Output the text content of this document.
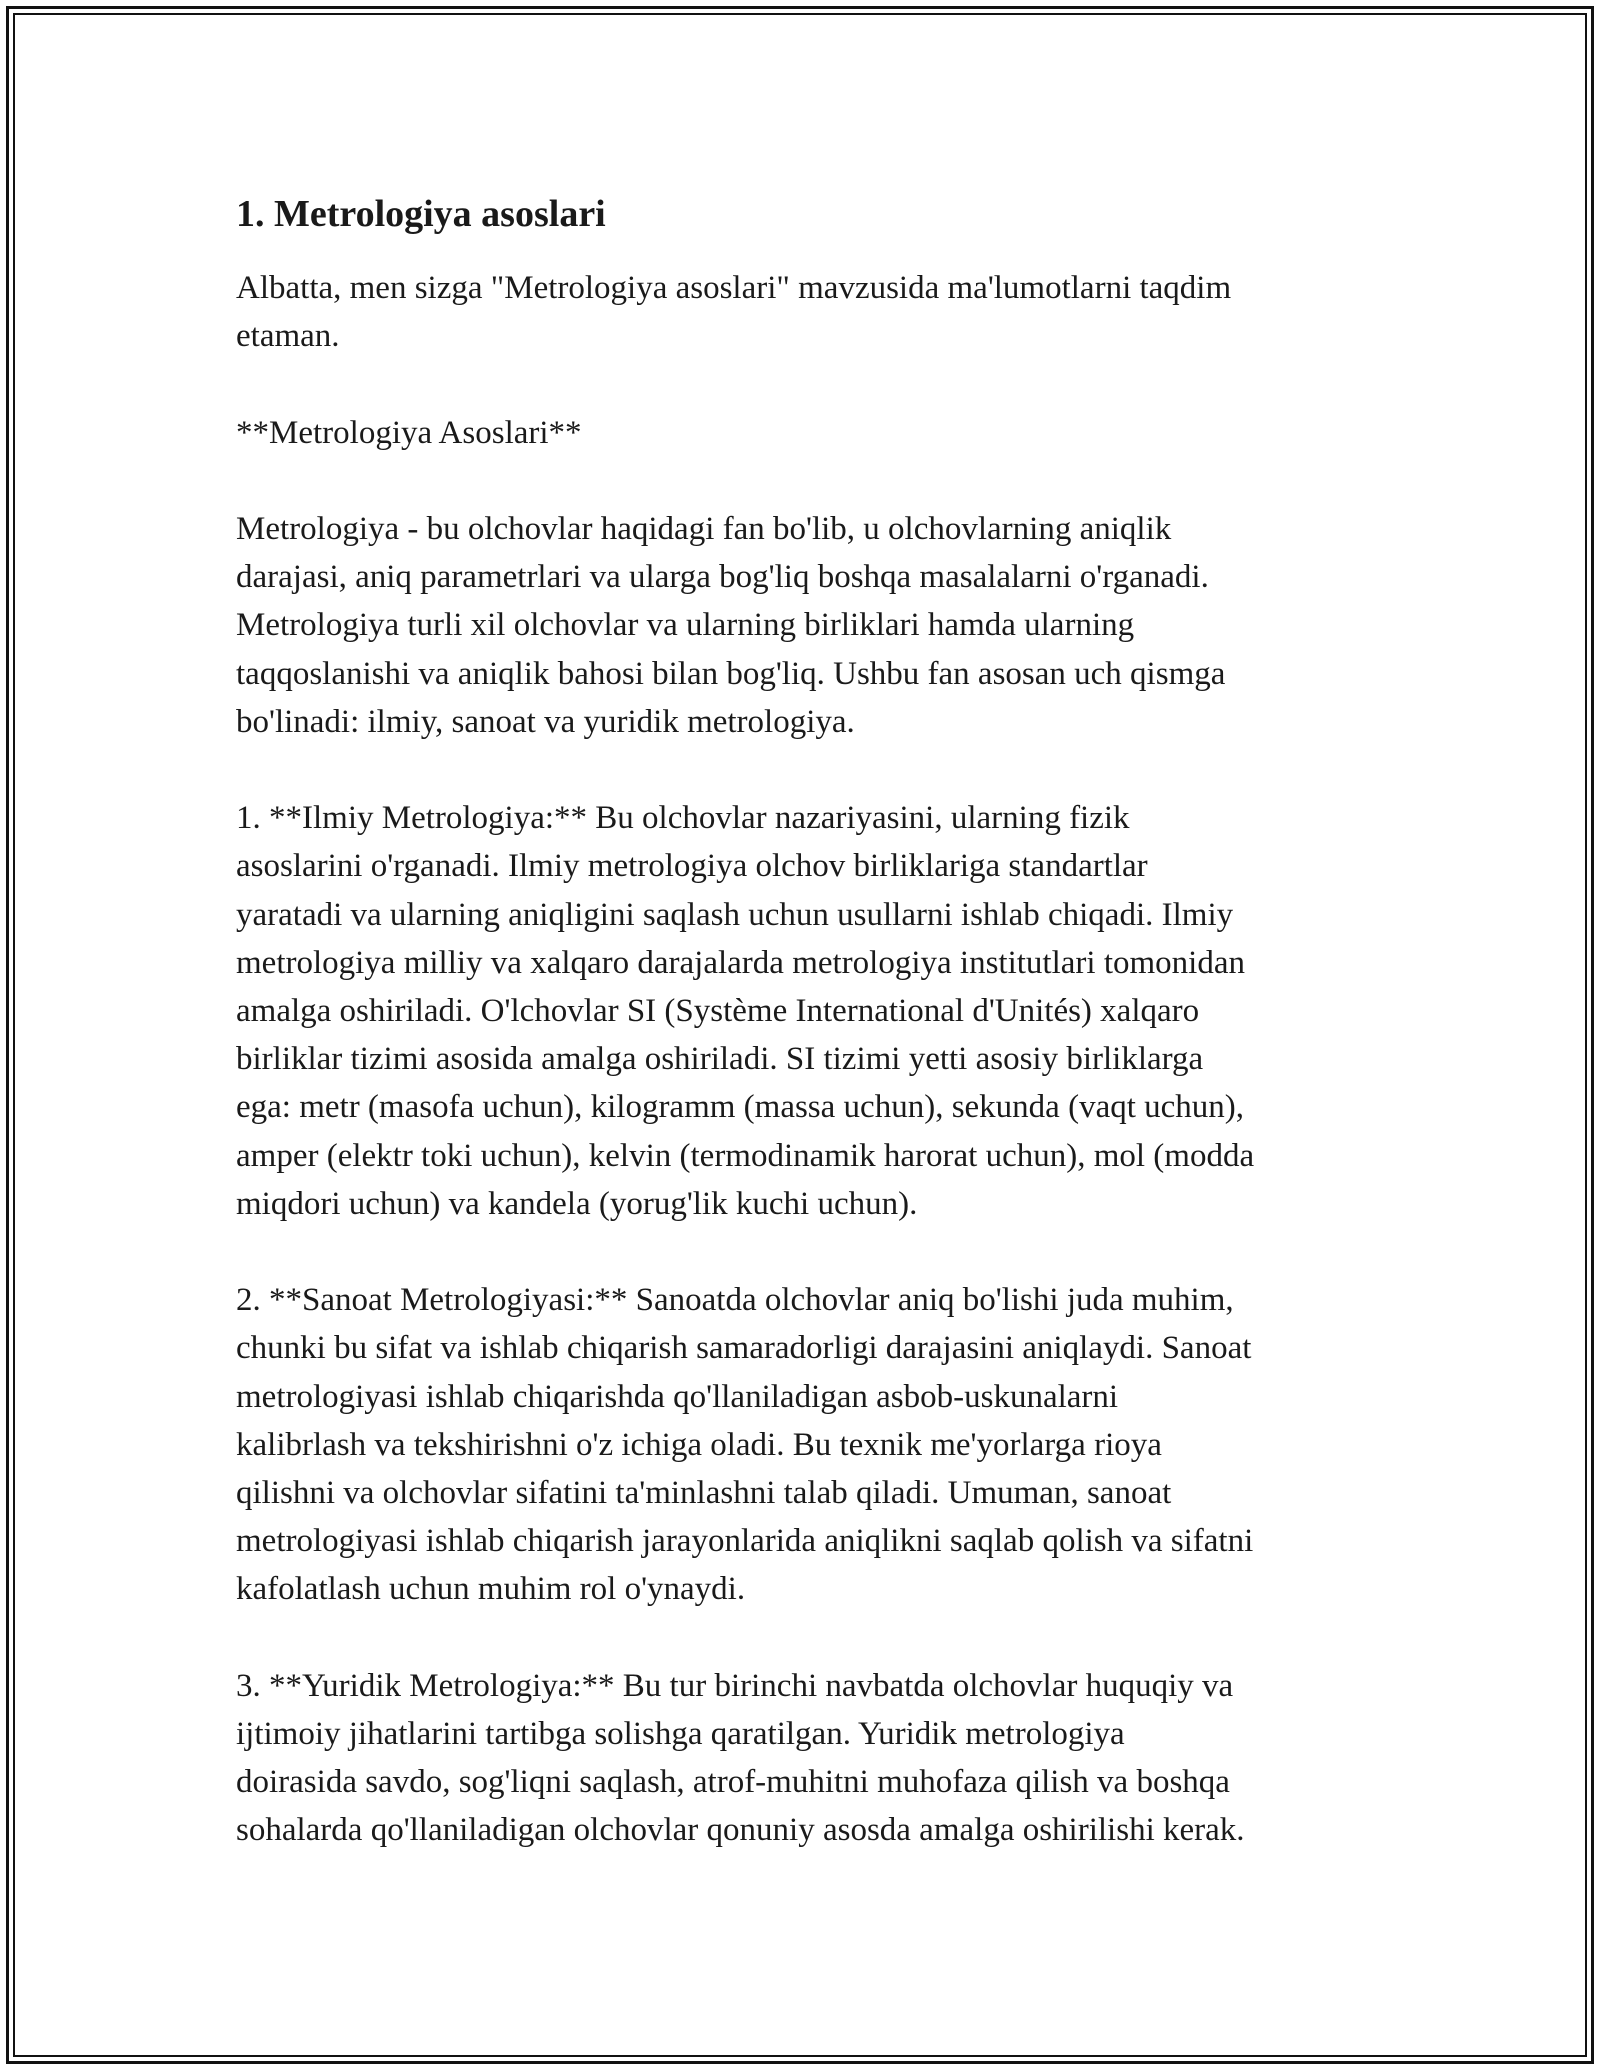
1. Metrologiya asoslari
Albatta, men sizga "Metrologiya asoslari" mavzusida ma'lumotlarni taqdim
etaman.
**Metrologiya Asoslari**
Metrologiya - bu olchovlar haqidagi fan bo'lib, u olchovlarning aniqlik
darajasi, aniq parametrlari va ularga bog'liq boshqa masalalarni o'rganadi.
Metrologiya turli xil olchovlar va ularning birliklari hamda ularning
taqqoslanishi va aniqlik bahosi bilan bog'liq. Ushbu fan asosan uch qismga
bo'linadi: ilmiy, sanoat va yuridik metrologiya.
1. **Ilmiy Metrologiya:** Bu olchovlar nazariyasini, ularning fizik
asoslarini o'rganadi. Ilmiy metrologiya olchov birliklariga standartlar
yaratadi va ularning aniqligini saqlash uchun usullarni ishlab chiqadi. Ilmiy
metrologiya milliy va xalqaro darajalarda metrologiya institutlari tomonidan
amalga oshiriladi. O'lchovlar SI (Système International d'Unités) xalqaro
birliklar tizimi asosida amalga oshiriladi. SI tizimi yetti asosiy birliklarga
ega: metr (masofa uchun), kilogramm (massa uchun), sekunda (vaqt uchun),
amper (elektr toki uchun), kelvin (termodinamik harorat uchun), mol (modda
miqdori uchun) va kandela (yorug'lik kuchi uchun).
2. **Sanoat Metrologiyasi:** Sanoatda olchovlar aniq bo'lishi juda muhim,
chunki bu sifat va ishlab chiqarish samaradorligi darajasini aniqlaydi. Sanoat
metrologiyasi ishlab chiqarishda qo'llaniladigan asbob-uskunalarni
kalibrlash va tekshirishni o'z ichiga oladi. Bu texnik me'yorlarga rioya
qilishni va olchovlar sifatini ta'minlashni talab qiladi. Umuman, sanoat
metrologiyasi ishlab chiqarish jarayonlarida aniqlikni saqlab qolish va sifatni
kafolatlash uchun muhim rol o'ynaydi.
3. **Yuridik Metrologiya:** Bu tur birinchi navbatda olchovlar huquqiy va
ijtimoiy jihatlarini tartibga solishga qaratilgan. Yuridik metrologiya
doirasida savdo, sog'liqni saqlash, atrof-muhitni muhofaza qilish va boshqa
sohalarda qo'llaniladigan olchovlar qonuniy asosda amalga oshirilishi kerak.
